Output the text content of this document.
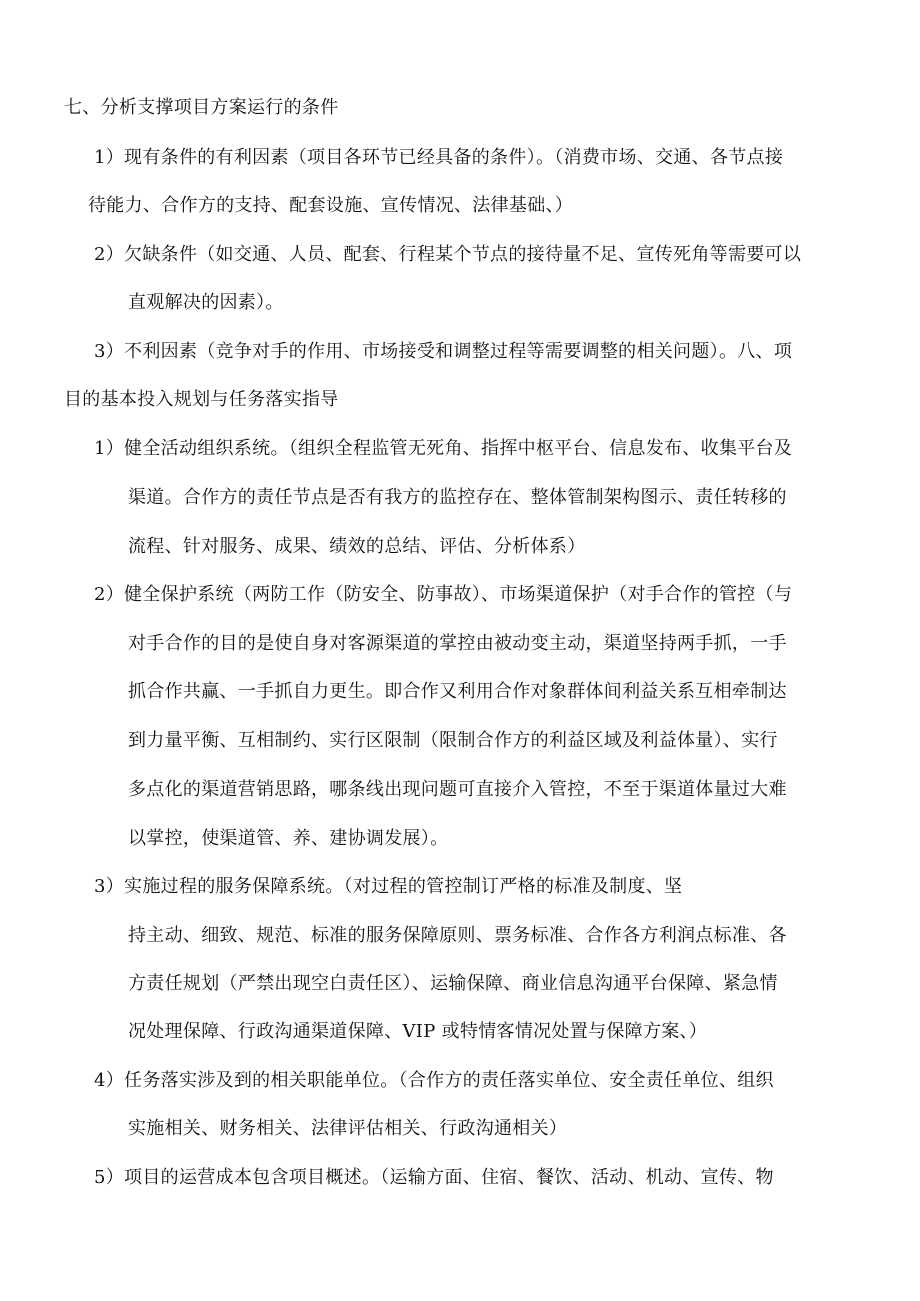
七、分析支撑项目方案运行的条件

1）现有条件的有利因素（项目各环节已经具备的条件）。（消费市场、交通、各节点接

待能力、合作方的支持、配套设施、宣传情况、法律基础、）

2）欠缺条件（如交通、人员、配套、行程某个节点的接待量不足、宣传死角等需要可以

直观解决的因素）。

3）不利因素（竞争对手的作用、市场接受和调整过程等需要调整的相关问题）。八、项

目的基本投入规划与任务落实指导

1）健全活动组织系统。（组织全程监管无死角、指挥中枢平台、信息发布、收集平台及

渠道。合作方的责任节点是否有我方的监控存在、整体管制架构图示、责任转移的

流程、针对服务、成果、绩效的总结、评估、分析体系）

2）健全保护系统（两防工作（防安全、防事故）、市场渠道保护（对手合作的管控（与

对手合作的目的是使自身对客源渠道的掌控由被动变主动，渠道坚持两手抓，一手

抓合作共赢、一手抓自力更生。即合作又利用合作对象群体间利益关系互相牵制达

到力量平衡、互相制约、实行区限制（限制合作方的利益区域及利益体量）、实行

多点化的渠道营销思路，哪条线出现问题可直接介入管控，不至于渠道体量过大难

以掌控，使渠道管、养、建协调发展）。

3）实施过程的服务保障系统。（对过程的管控制订严格的标准及制度、坚

持主动、细致、规范、标准的服务保障原则、票务标准、合作各方利润点标准、各

方责任规划（严禁出现空白责任区）、运输保障、商业信息沟通平台保障、紧急情

况处理保障、行政沟通渠道保障、VIP 或特情客情况处置与保障方案、）

4）任务落实涉及到的相关职能单位。（合作方的责任落实单位、安全责任单位、组织

实施相关、财务相关、法律评估相关、行政沟通相关）

5）项目的运营成本包含项目概述。（运输方面、住宿、餐饮、活动、机动、宣传、物
